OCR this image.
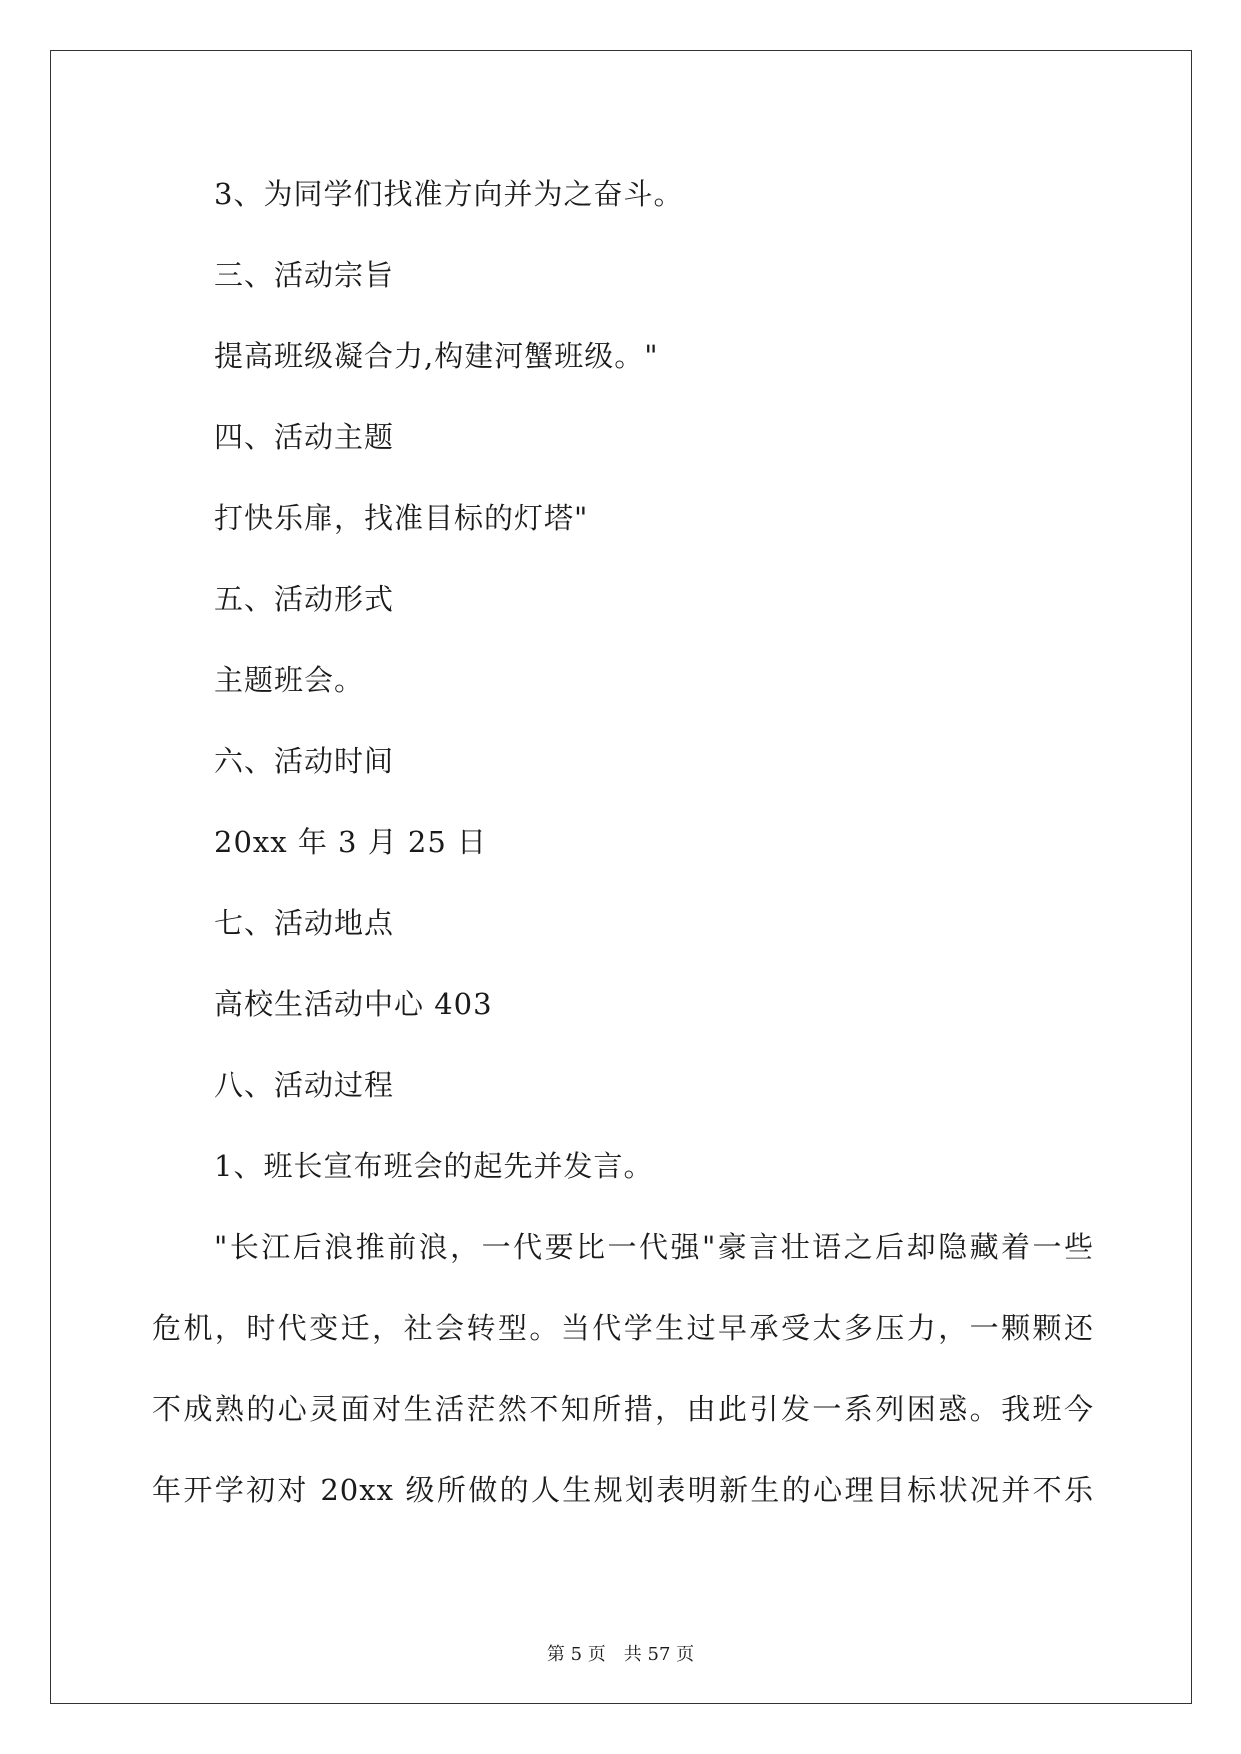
3、为同学们找准方向并为之奋斗。
三、活动宗旨
提高班级凝合力,构建河蟹班级。"
四、活动主题
打快乐扉，找准目标的灯塔"
五、活动形式
主题班会。
六、活动时间
20xx 年 3 月 25 日
七、活动地点
高校生活动中心 403
八、活动过程
1、班长宣布班会的起先并发言。
"长江后浪推前浪，一代要比一代强"豪言壮语之后却隐藏着一些
危机，时代变迁，社会转型。当代学生过早承受太多压力，一颗颗还
不成熟的心灵面对生活茫然不知所措，由此引发一系列困惑。我班今
年开学初对 20xx 级所做的人生规划表明新生的心理目标状况并不乐
第 5 页　共 57 页
